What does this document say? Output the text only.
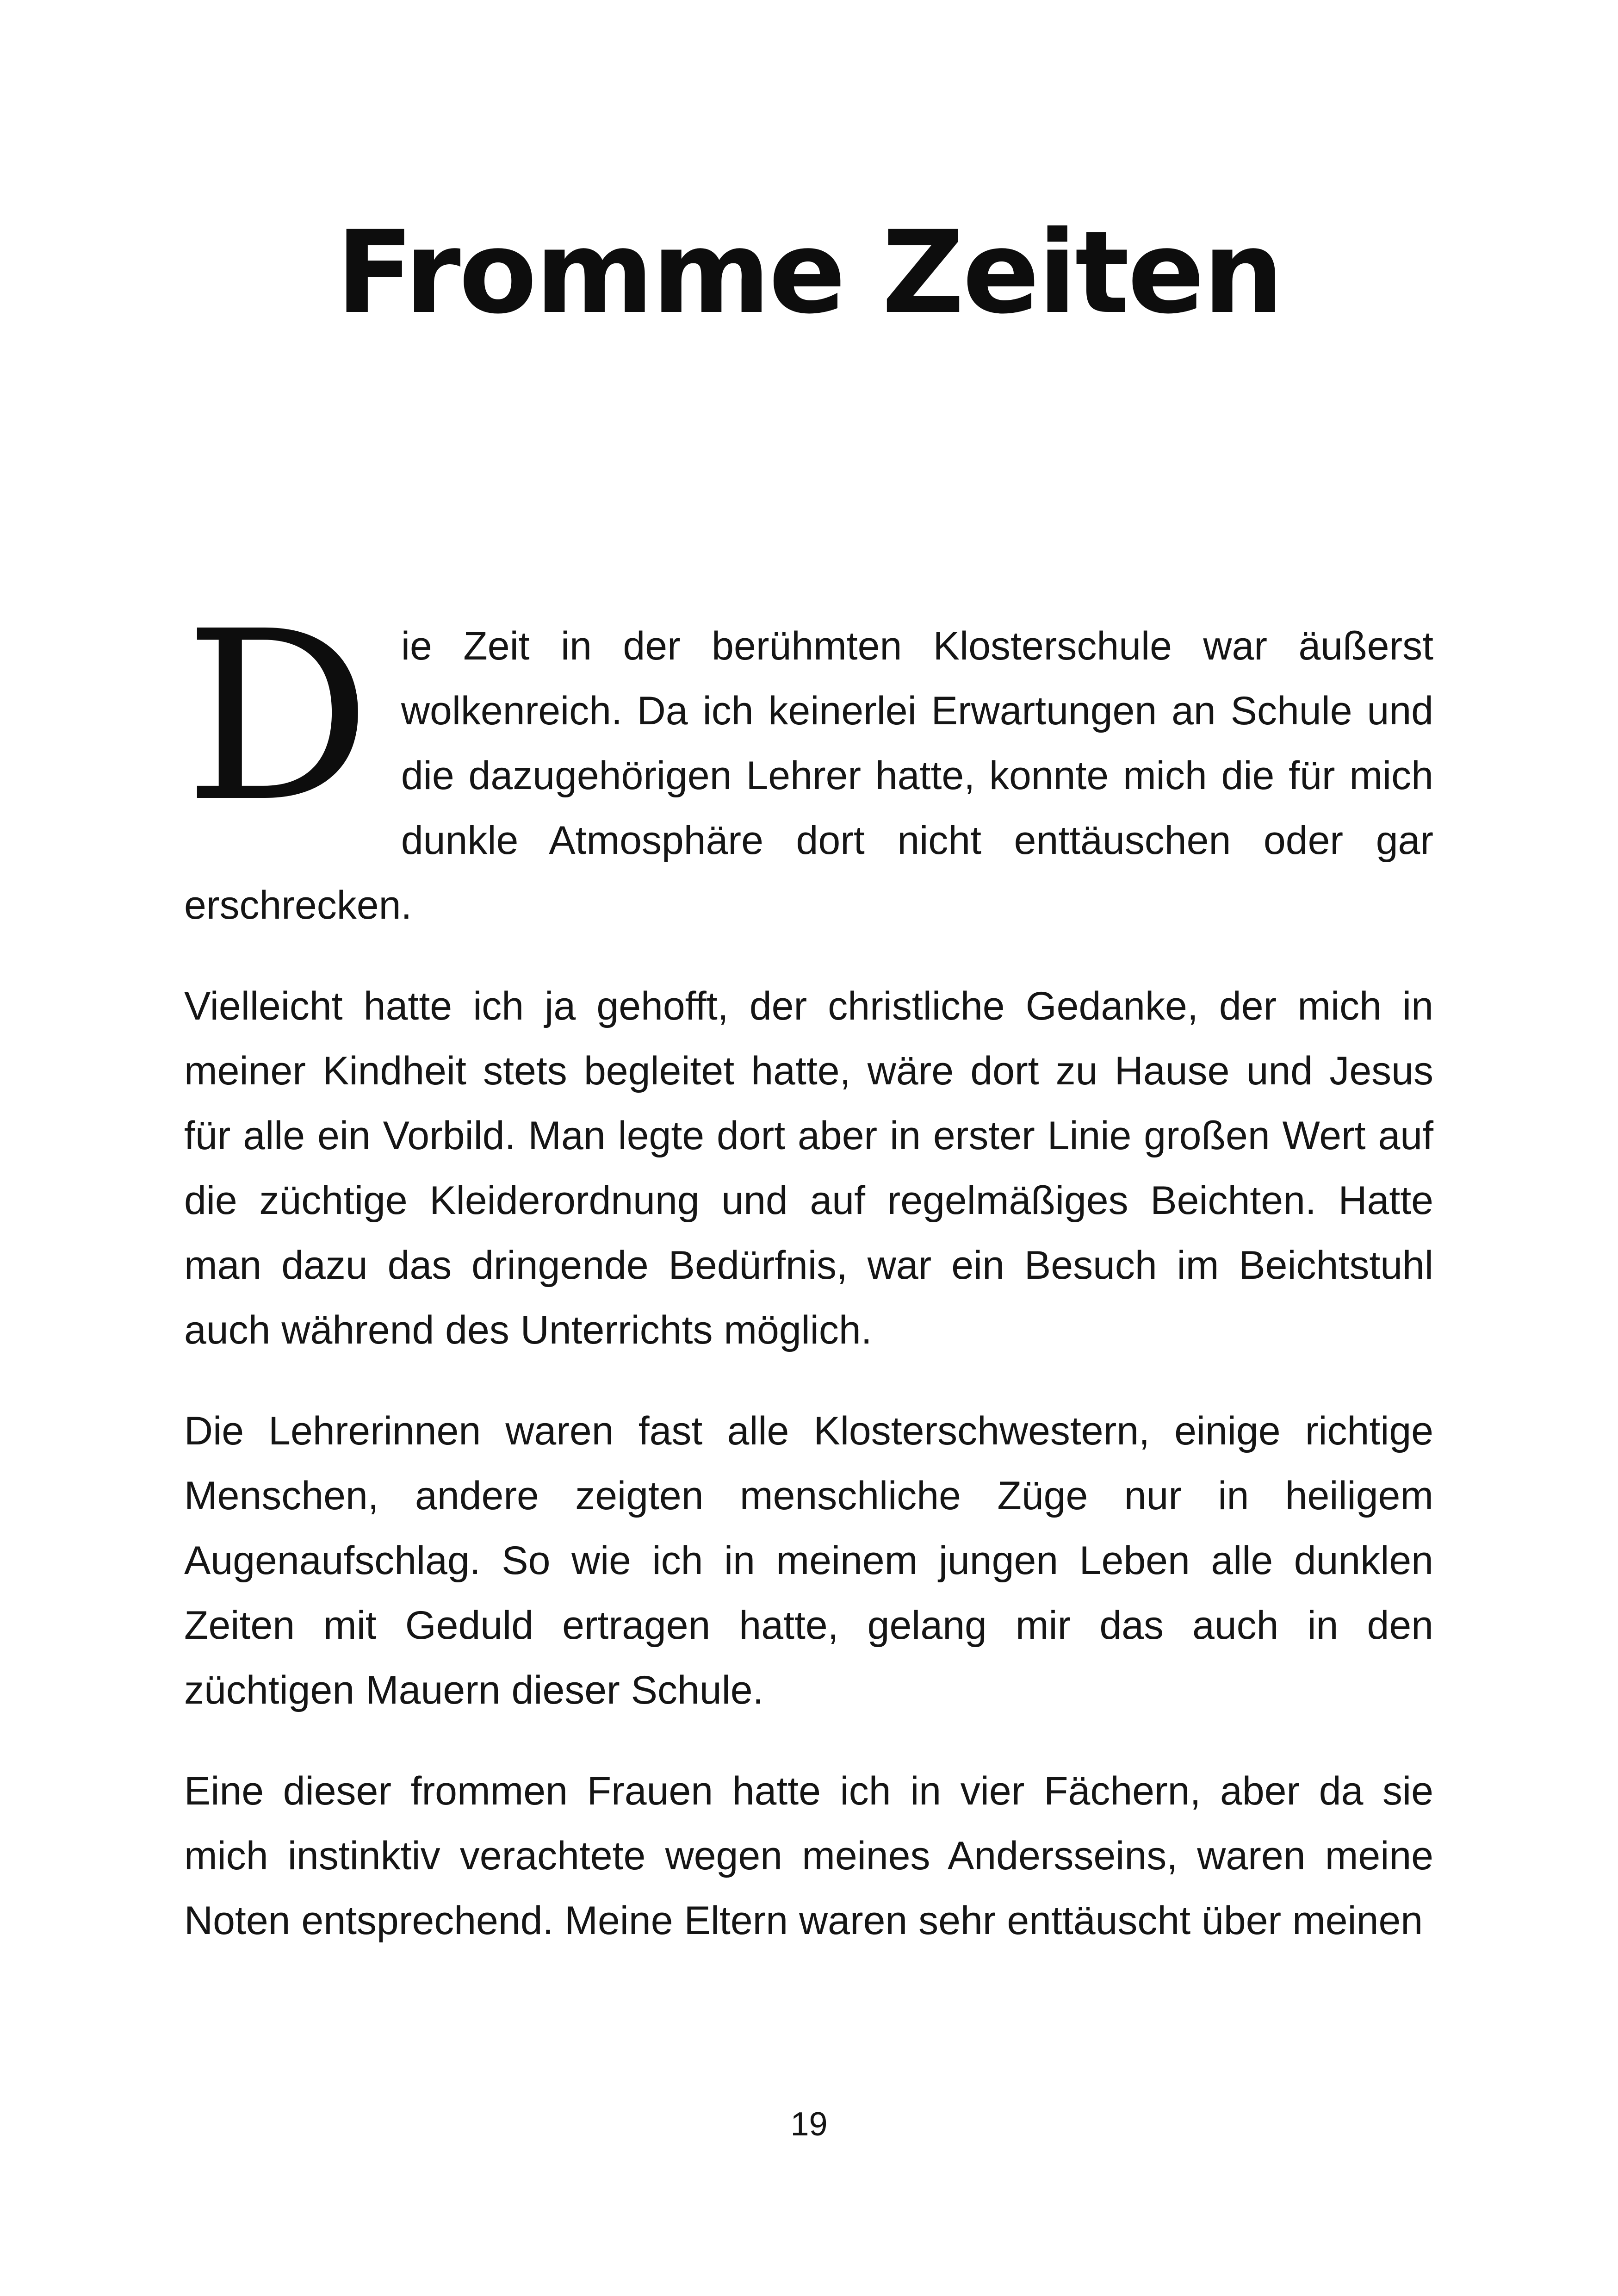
Fromme Zeiten

Die Zeit in der berühmten Klosterschule war äußerst wolkenreich. Da ich keinerlei Erwartungen an Schule und die dazugehörigen Lehrer hatte, konnte mich die für mich dunkle Atmosphäre dort nicht enttäuschen oder gar erschrecken.

Vielleicht hatte ich ja gehofft, der christliche Gedanke, der mich in meiner Kindheit stets begleitet hatte, wäre dort zu Hause und Jesus für alle ein Vorbild. Man legte dort aber in erster Linie großen Wert auf die züchtige Kleiderordnung und auf regelmäßiges Beichten. Hatte man dazu das dringende Bedürfnis, war ein Besuch im Beichtstuhl auch während des Unterrichts möglich.

Die Lehrerinnen waren fast alle Klosterschwestern, einige richtige Menschen, andere zeigten menschliche Züge nur in heiligem Augenaufschlag. So wie ich in meinem jungen Leben alle dunklen Zeiten mit Geduld ertragen hatte, gelang mir das auch in den züchtigen Mauern dieser Schule.

Eine dieser frommen Frauen hatte ich in vier Fächern, aber da sie mich instinktiv verachtete wegen meines Andersseins, waren meine Noten entsprechend. Meine Eltern waren sehr enttäuscht über meinen

19
